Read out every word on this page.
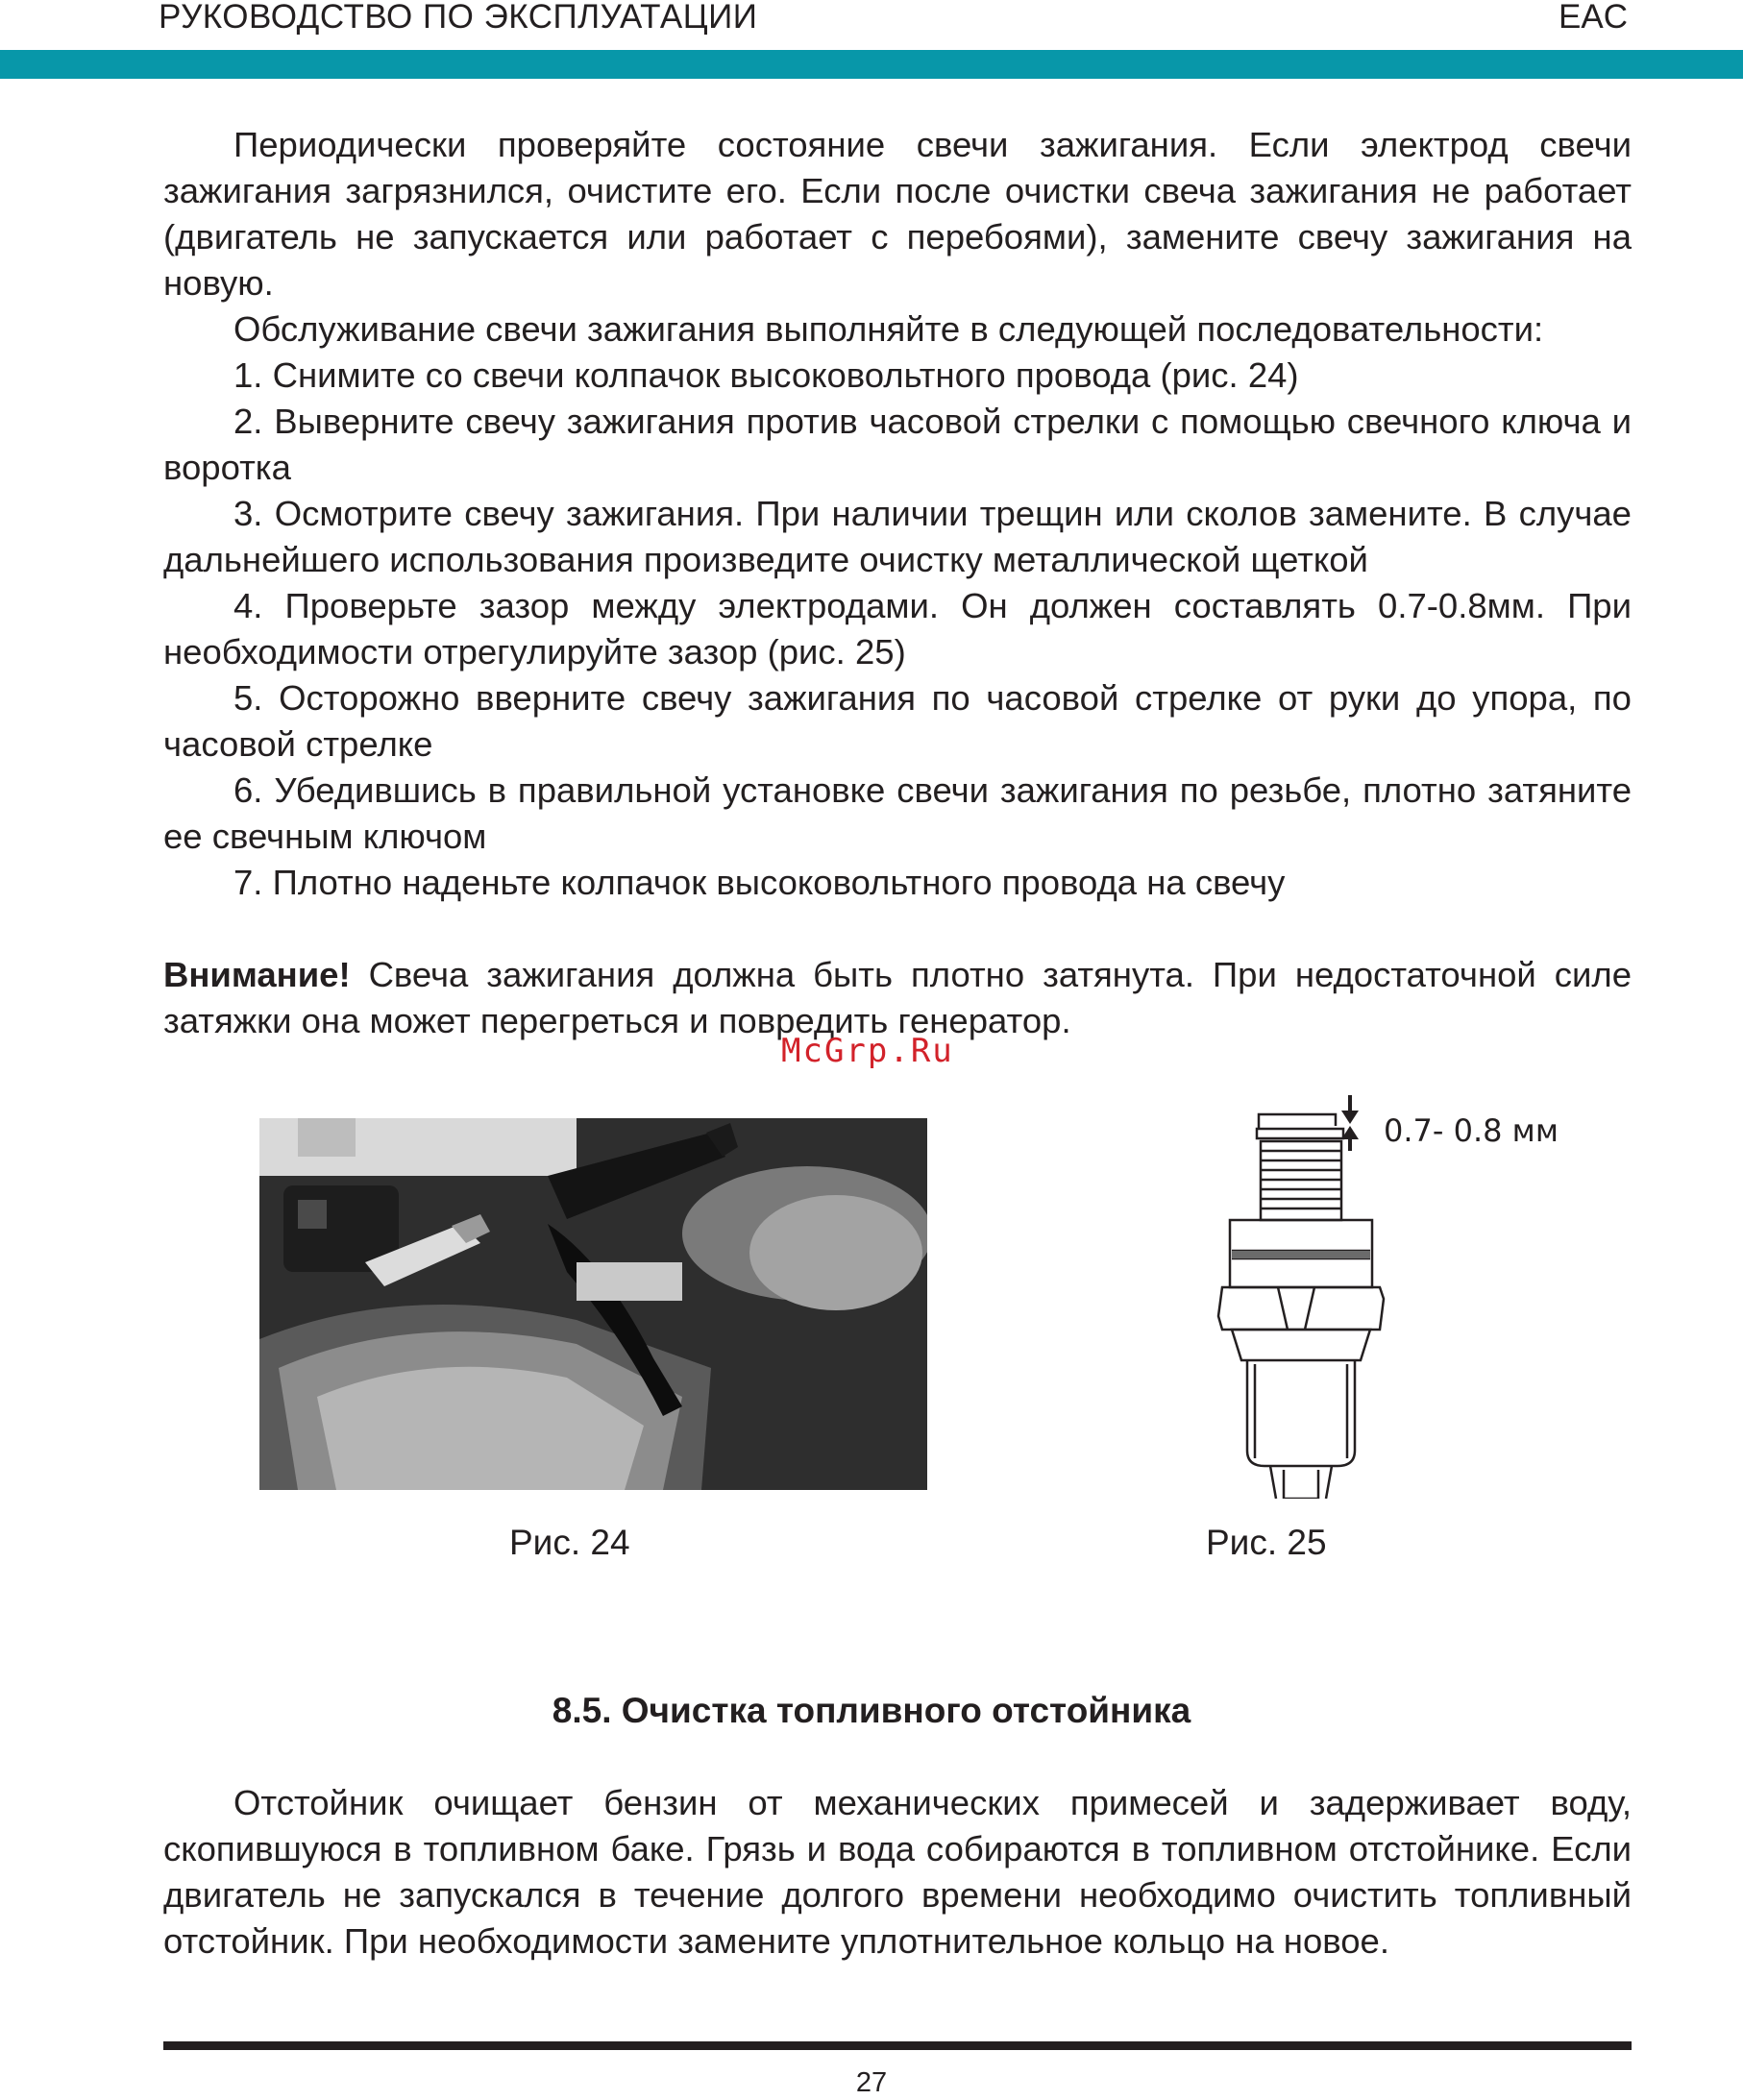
РУКОВОДСТВО ПО ЭКСПЛУАТАЦИИ	EAC

Периодически проверяйте состояние свечи зажигания. Если электрод свечи зажигания загрязнился, очистите его. Если после очистки свеча зажигания не работает (двигатель не запускается или работает с перебоями), замените свечу зажигания на новую.

Обслуживание свечи зажигания выполняйте в следующей последовательности:

1. Снимите со свечи колпачок высоковольтного провода (рис. 24)

2. Выверните свечу зажигания против часовой стрелки с помощью свечного ключа и воротка

3. Осмотрите свечу зажигания. При наличии трещин или сколов замените. В случае дальнейшего использования произведите очистку металлической щеткой

4. Проверьте зазор между электродами. Он должен составлять 0.7-0.8мм. При необходимости отрегулируйте зазор (рис. 25)

5. Осторожно вверните свечу зажигания по часовой стрелке от руки до упора, по часовой стрелке

6. Убедившись в правильной установке свечи зажигания по резьбе, плотно затяните ее свечным ключом

7. Плотно наденьте колпачок высоковольтного провода на свечу

Внимание! Свеча зажигания должна быть плотно затянута. При недостаточной силе затяжки она может перегреться и повредить генератор.

McGrp.Ru
0.7- 0.8 мм
Рис. 24	Рис. 25
8.5. Очистка топливного отстойника

Отстойник очищает бензин от механических примесей и задерживает воду, скопившуюся в топливном баке. Грязь и вода собираются в топливном отстойнике. Если двигатель не запускался в течение долгого времени необходимо очистить топливный отстойник. При необходимости замените уплотнительное кольцо на новое.

27
